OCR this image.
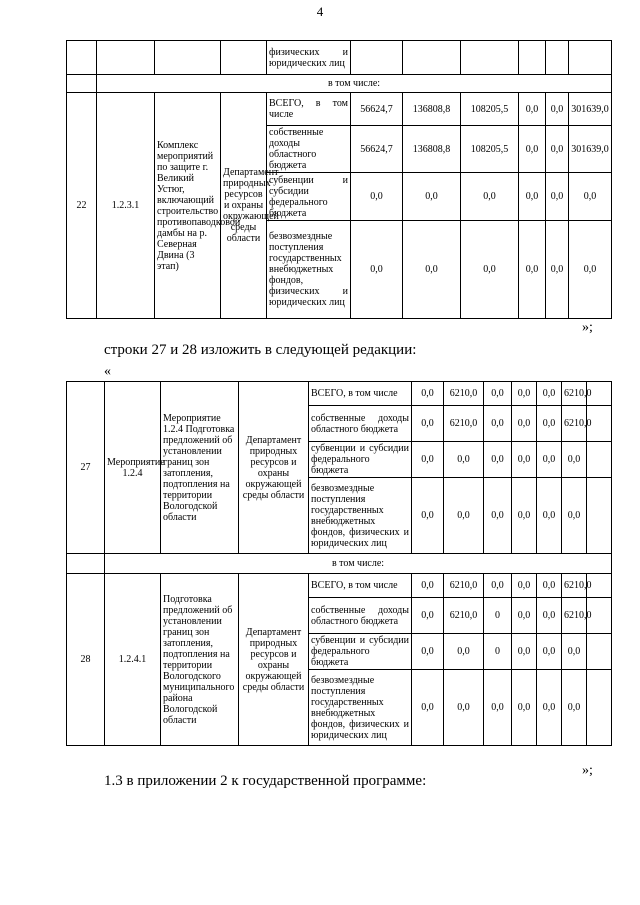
4
				физических и юридических лиц						
	в том числе:									
22	1.2.3.1	Комплекс мероприятий по защите г. Великий Устюг, включающий строительство противопаводковой дамбы на р. Северная Двина (3 этап)	Департамент природных ресурсов и охраны окружающей среды области	ВСЕГО, в том числе	56624,7	136808,8	108205,5	0,0	0,0	301639,0
				собственные доходы областного бюджета	56624,7	136808,8	108205,5	0,0	0,0	301639,0
				субвенции и субсидии федерального бюджета	0,0	0,0	0,0	0,0	0,0	0,0
				безвозмездные поступления государственных внебюджетных фондов, физических и юридических лиц	0,0	0,0	0,0	0,0	0,0	0,0
»;
строки 27 и 28 изложить в следующей редакции:
«
27	Мероприятие 1.2.4	Мероприятие 1.2.4 Подготовка предложений об установлении границ зон затопления, подтопления на территории Вологодской области	Департамент природных ресурсов и охраны окружающей среды области	ВСЕГО, в том числе	0,0	6210,0	0,0	0,0	0,0	6210,0	
				собственные доходы областного бюджета	0,0	6210,0	0,0	0,0	0,0	6210,0	
				субвенции и субсидии федерального бюджета	0,0	0,0	0,0	0,0	0,0	0,0	
				безвозмездные поступления государственных внебюджетных фондов, физических и юридических лиц	0,0	0,0	0,0	0,0	0,0	0,0	
	в том числе:										
28	1.2.4.1	Подготовка предложений об установлении границ зон затопления, подтопления на территории Вологодского муниципального района Вологодской области	Департамент природных ресурсов и охраны окружающей среды области	ВСЕГО, в том числе	0,0	6210,0	0,0	0,0	0,0	6210,0	
				собственные доходы областного бюджета	0,0	6210,0	0	0,0	0,0	6210,0	
				субвенции и субсидии федерального бюджета	0,0	0,0	0	0,0	0,0	0,0	
				безвозмездные поступления государственных внебюджетных фондов, физических и юридических лиц	0,0	0,0	0,0	0,0	0,0	0,0	
»;
1.3 в приложении 2 к государственной программе:
